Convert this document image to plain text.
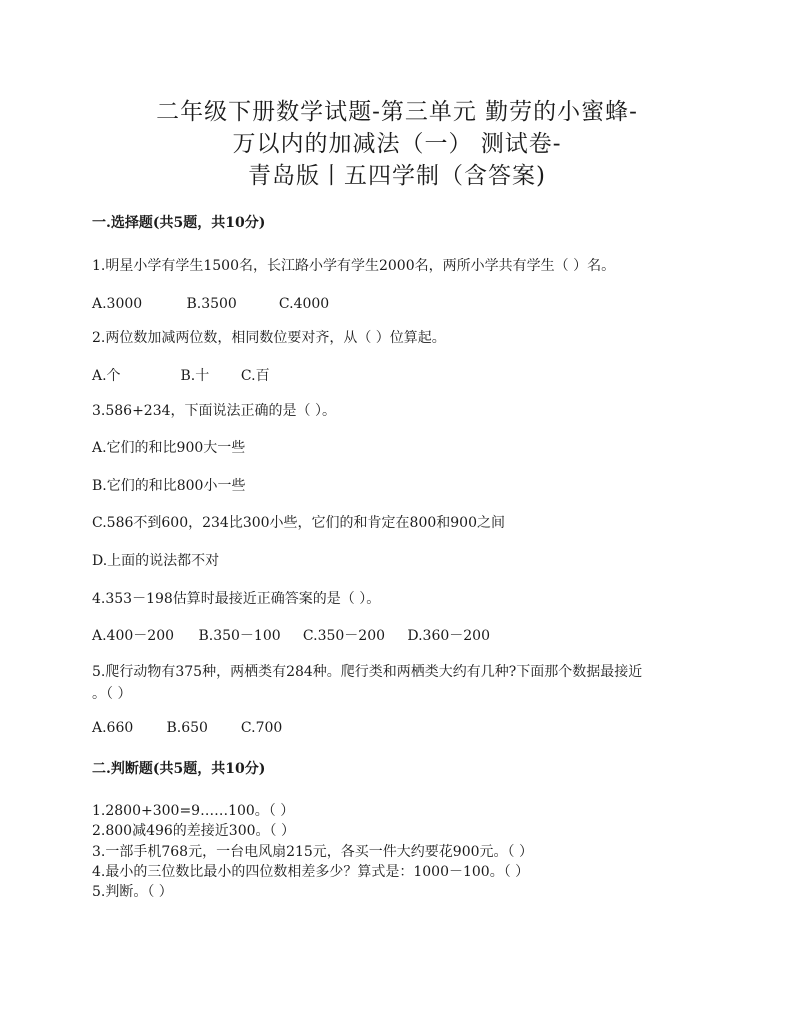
二年级下册数学试题-第三单元 勤劳的小蜜蜂-
万以内的加减法（一） 测试卷-
青岛版丨五四学制（含答案)
一.选择题(共5题，共10分)
1.明星小学有学生1500名，长江路小学有学生2000名，两所小学共有学生（ ）名。
A.3000	B.3500	C.4000
2.两位数加减两位数，相同数位要对齐，从（ ）位算起。
A.个	B.十 C.百
3.586+234，下面说法正确的是（ ）。
A.它们的和比900大一些
B.它们的和比800小一些
C.586不到600，234比300小些，它们的和肯定在800和900之间
D.上面的说法都不对
4.353－198估算时最接近正确答案的是（ ）。
A.400－200 B.350－100 C.350－200 D.360－200
5.爬行动物有375种，两栖类有284种。爬行类和两栖类大约有几种?下面那个数据最接近
。（ ）
A.660 B.650 C.700
二.判断题(共5题，共10分)
1.2800+300=9……100。（ ）
2.800减496的差接近300。（ ）
3.一部手机768元，一台电风扇215元，各买一件大约要花900元。（ ）
4.最小的三位数比最小的四位数相差多少？算式是：1000－100。（ ）
5.判断。（ ）
